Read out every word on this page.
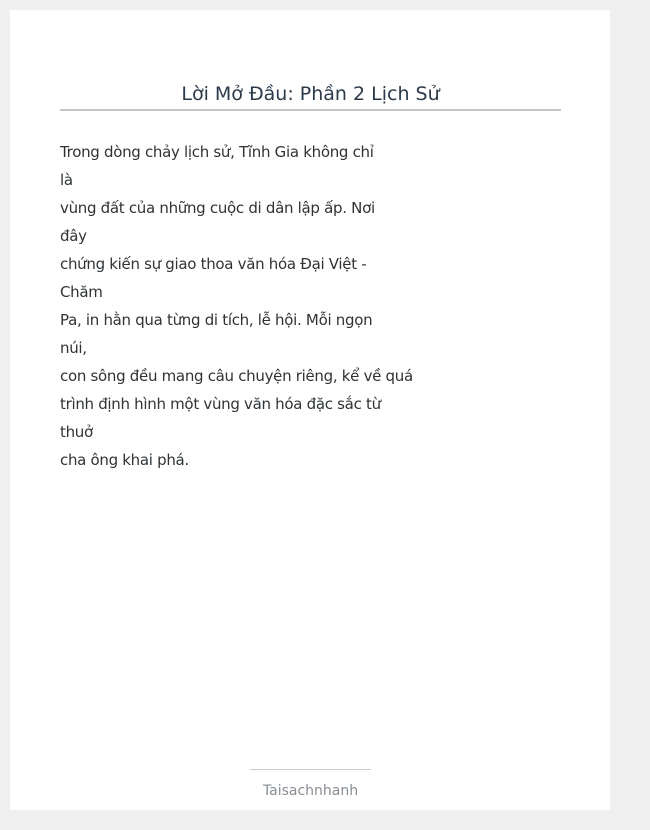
Lời Mở Đầu: Phần 2 Lịch Sử
Trong dòng chảy lịch sử, Tĩnh Gia không chỉ
là
vùng đất của những cuộc di dân lập ấp. Nơi
đây
chứng kiến sự giao thoa văn hóa Đại Việt -
Chăm
Pa, in hằn qua từng di tích, lễ hội. Mỗi ngọn
núi,
con sông đều mang câu chuyện riêng, kể về quá
trình định hình một vùng văn hóa đặc sắc từ
thuở
cha ông khai phá.
Taisachnhanh
